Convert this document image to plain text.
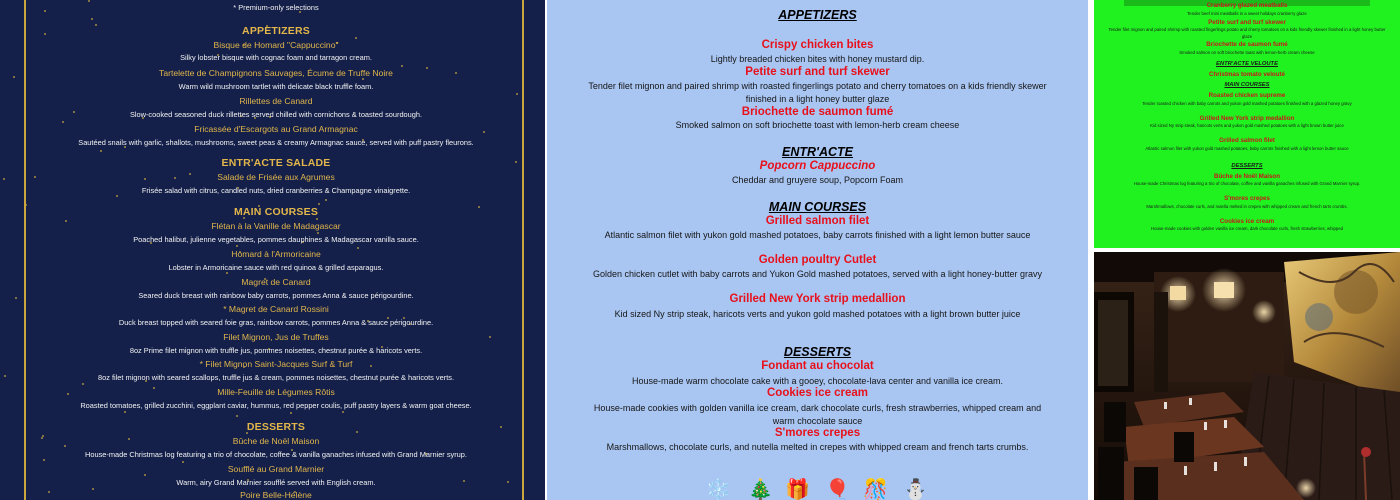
* Premium-only selections
APPETIZERS
Bisque de Homard "Cappuccino"
Silky lobster bisque with cognac foam and tarragon cream.
Tartelette de Champignons Sauvages, Écume de Truffe Noire
Warm wild mushroom tartlet with delicate black truffle foam.
Rillettes de Canard
Slow-cooked seasoned duck rillettes served chilled with cornichons & toasted sourdough.
Fricassée d'Escargots au Grand Armagnac
Sautéed snails with garlic, shallots, mushrooms, sweet peas & creamy Armagnac sauce, served with puff pastry fleurons.
ENTR'ACTE SALADE
Salade de Frisée aux Agrumes
Frisée salad with citrus, candied nuts, dried cranberries & Champagne vinaigrette.
MAIN COURSES
Flétan à la Vanille de Madagascar
Poached halibut, julienne vegetables, pommes dauphines & Madagascar vanilla sauce.
Homard à l'Armoricaine
Lobster in Armoricaine sauce with red quinoa & grilled asparagus.
Magret de Canard
Seared duck breast with rainbow baby carrots, pommes Anna & sauce périgourdine.
* Magret de Canard Rossini
Duck breast topped with seared foie gras, rainbow carrots, pommes Anna & sauce périgourdine.
Filet Mignon, Jus de Truffes
8oz Prime filet mignon with truffle jus, pommes noisettes, chestnut purée & haricots verts.
* Filet Mignon Saint-Jacques Surf & Turf
8oz filet mignon with seared scallops, truffle jus & cream, pommes noisettes, chestnut purée & haricots verts.
Mille-Feuille de Légumes Rôtis
Roasted tomatoes, grilled zucchini, eggplant caviar, hummus, red pepper coulis, puff pastry layers & warm goat cheese.
DESSERTS
Bûche de Noël Maison
House-made Christmas log featuring a trio of chocolate, coffee & vanilla ganaches infused with Grand Marnier syrup.
Soufflé au Grand Marnier
Warm, airy Grand Marnier soufflé served with English cream.
Poire Belle-Hélène
APPETIZERS
Crispy chicken bites
Lightly breaded chicken bites with honey mustard dip.
Petite surf and turf skewer
Tender filet mignon and paired shrimp with roasted fingerlings potato and cherry tomatoes on a kids friendly skewer finished in a light honey butter glaze
Briochette de saumon fumé
Smoked salmon on soft briochette toast with lemon-herb cream cheese
ENTR'ACTE
Popcorn Cappuccino
Cheddar and gruyere soup, Popcorn Foam
MAIN COURSES
Grilled salmon filet
Atlantic salmon filet with yukon gold mashed potatoes, baby carrots finished with a light lemon butter sauce
Golden poultry Cutlet
Golden chicken cutlet with baby carrots and Yukon Gold mashed potatoes, served with a light honey-butter gravy
Grilled New York strip medallion
Kid sized Ny strip steak, haricots verts and yukon gold mashed potatoes with a light brown butter juice
DESSERTS
Fondant au chocolat
House-made warm chocolate cake with a gooey, chocolate-lava center and vanilla ice cream.
Cookies ice cream
House-made cookies with golden vanilla ice cream, dark chocolate curls, fresh strawberries, whipped cream and warm chocolate sauce
S'mores crepes
Marshmallows, chocolate curls, and nutella melted in crepes with whipped cream and french tarts crumbs.
❄️ 🎄 🎁 🎈 🎊 ⛄
Cranberry glazed meatballs
Tender beef mini meatballs in a sweet holidays cranberry glaze
Petite surf and turf skewer
Tender filet mignon and paired shrimp with roasted fingerlings potato and cherry tomatoes on a kids friendly skewer finished in a light honey butter glaze
Briochette de saumon fumé
Smoked salmon on soft briochette toast with lemon-herb cream cheese
ENTR'ACTE VELOUTE
Christmas tomato velouté
MAIN COURSES
Roasted chicken supreme
Tender roasted chicken with baby carrots and yukon gold mashed potatoes finished with a glazed honey gravy
Grilled New York strip medallion
Kid sized Ny strip steak, haricots verts and yukon gold mashed potatoes with a light brown butter juice
Grilled salmon filet
Atlantic salmon filet with yukon gold mashed potatoes, baby carrots finished with a light lemon butter sauce
DESSERTS
Bûche de Noël Maison
House-made Christmas log featuring a trio of chocolate, coffee and vanilla ganaches infused with Grand Marnier syrup.
S'mores crepes
Marshmallows, chocolate curls, and nutella melted in crepes with whipped cream and french tarts crumbs.
Cookies ice cream
House-made cookies with golden vanilla ice cream, dark chocolate curls, fresh strawberries, whipped
